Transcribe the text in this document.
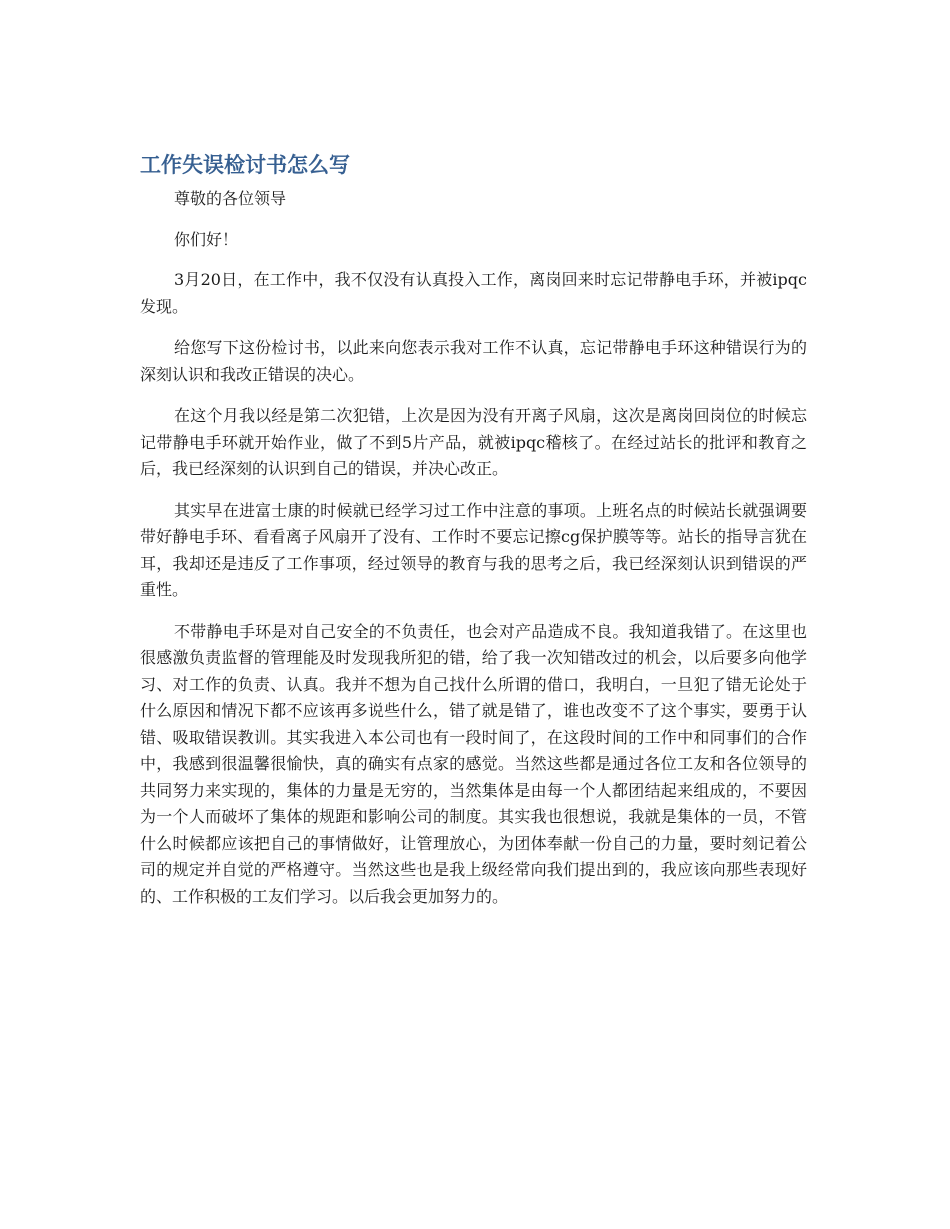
工作失误检讨书怎么写

尊敬的各位领导

你们好！

3月20日，在工作中，我不仅没有认真投入工作，离岗回来时忘记带静电手环，并被ipqc发现。

给您写下这份检讨书，以此来向您表示我对工作不认真，忘记带静电手环这种错误行为的深刻认识和我改正错误的决心。

在这个月我以经是第二次犯错，上次是因为没有开离子风扇，这次是离岗回岗位的时候忘记带静电手环就开始作业，做了不到5片产品，就被ipqc稽核了。在经过站长的批评和教育之后，我已经深刻的认识到自己的错误，并决心改正。

其实早在进富士康的时候就已经学习过工作中注意的事项。上班名点的时候站长就强调要带好静电手环、看看离子风扇开了没有、工作时不要忘记擦cg保护膜等等。站长的指导言犹在耳，我却还是违反了工作事项，经过领导的教育与我的思考之后，我已经深刻认识到错误的严重性。

不带静电手环是对自己安全的不负责任，也会对产品造成不良。我知道我错了。在这里也很感激负责监督的管理能及时发现我所犯的错，给了我一次知错改过的机会，以后要多向他学习、对工作的负责、认真。我并不想为自己找什么所谓的借口，我明白，一旦犯了错无论处于什么原因和情况下都不应该再多说些什么，错了就是错了，谁也改变不了这个事实，要勇于认错、吸取错误教训。其实我进入本公司也有一段时间了，在这段时间的工作中和同事们的合作中，我感到很温馨很愉快，真的确实有点家的感觉。当然这些都是通过各位工友和各位领导的共同努力来实现的，集体的力量是无穷的，当然集体是由每一个人都团结起来组成的，不要因为一个人而破坏了集体的规距和影响公司的制度。其实我也很想说，我就是集体的一员，不管什么时候都应该把自己的事情做好，让管理放心，为团体奉献一份自己的力量，要时刻记着公司的规定并自觉的严格遵守。当然这些也是我上级经常向我们提出到的，我应该向那些表现好的、工作积极的工友们学习。以后我会更加努力的。
